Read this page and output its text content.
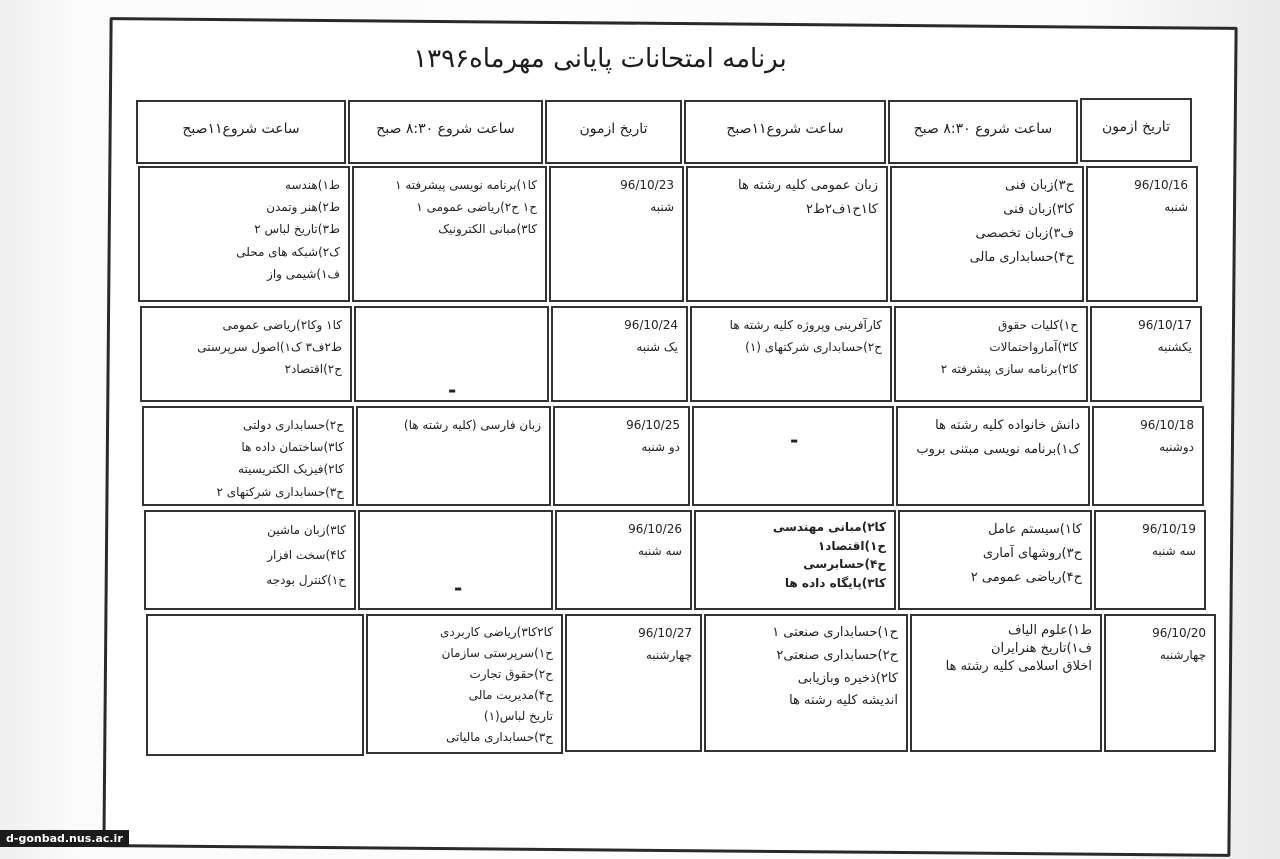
برنامه امتحانات پایانی مهرماه۱۳۹۶
تاریخ ازمون
ساعت شروع ۸:۳۰ صبح
ساعت شروع۱۱صبح
تاریخ ازمون
ساعت شروع ۸:۳۰ صبح
ساعت شروع۱۱صبح
96/10/16
شنبه
ح۳)زبان فنی
کا۳)زبان فنی
ف۳)زبان تخصصی
ح۴)حسابداری مالی
زبان عمومی کلیه رشته ها
کا۱ح۱ف۲ط۲
96/10/23
شنبه
کا۱)برنامه نویسی پیشرفته ۱
ح۱ ح۲)ریاضی عمومی ۱
کا۳)مبانی الکترونیک
ط۱)هندسه
ط۲)هنر وتمدن
ط۳)تاریخ لباس ۲
ک۲)شبکه های محلی
ف۱)شیمی واز
96/10/17
یکشنبه
ح۱)کلیات حقوق
کا۳)آمارواحتمالات
کا۲)برنامه سازی پیشرفته ۲
کارآفرینی وپروژه کلیه رشته ها
ح۲)حسابداری شرکتهای (۱)
96/10/24
یک شنبه
-
کا۱ وکا۲)ریاضی عمومی
ط۲ف۳ ک۱)اصول سرپرستی
ح۲)اقتصاد۲
96/10/18
دوشنبه
دانش خانواده کلیه رشته ها
ک۱)برنامه نویسی مبتنی بروب
-
96/10/25
دو شنبه
زبان فارسی (کلیه رشته ها)
ح۲)حسابداری دولتی
کا۳)ساختمان داده ها
کا۲)فیزیک الکتریسیته
ح۳)حسابداری شرکتهای ۲
96/10/19
سه شنبه
کا۱)سیستم عامل
ح۳)روشهای آماری
ح۴)ریاضی عمومی ۲
کا۲)مبانی مهندسی
ح۱)اقتصاد۱
ح۴)حسابرسی
کا۳)پایگاه داده ها
96/10/26
سه شنبه
-
کا۳)زبان ماشین
کا۴)سخت افزار
ح۱)کنترل بودجه
96/10/20
چهارشنبه
ط۱)علوم الیاف
ف۱)تاریخ هنرایران
اخلاق اسلامی کلیه رشته ها
ح۱)حسابداری صنعتی ۱
ح۲)حسابداری صنعتی۲
کا۲)ذخیره وبازیابی
اندیشه کلیه رشته ها
96/10/27
چهارشنبه
کا۲کا۳)ریاضی کاربردی
ح۱)سرپرستی سازمان
ح۲)حقوق تجارت
ح۴)مدیریت مالی
تاریخ لباس(۱)
ح۳)حسابداری مالیاتی
d-gonbad.nus.ac.ir
